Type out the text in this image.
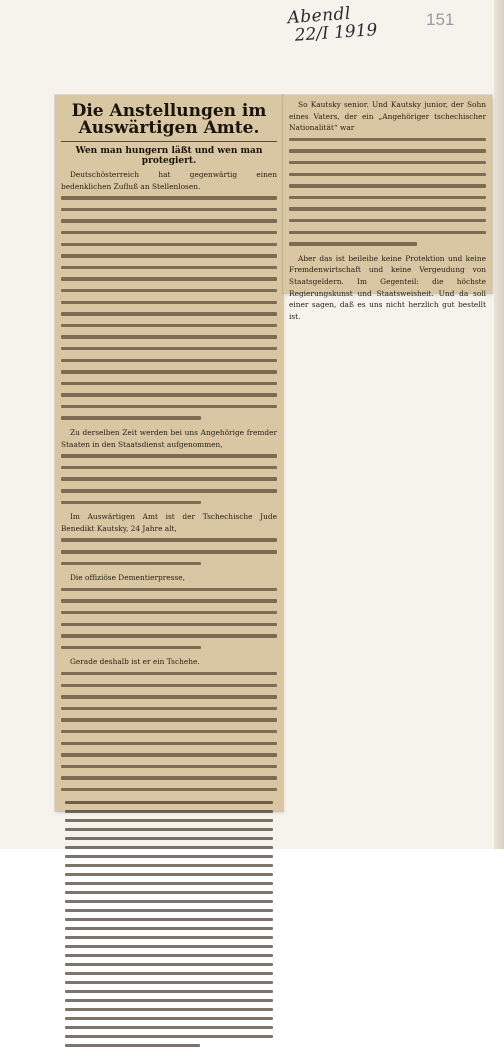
Abendl
22/I 1919
151
Die Anstellungen im Auswärtigen Amte.
Wen man hungern läßt und wen man protegiert.
Deutschösterreich hat gegenwärtig einen bedenklichen Zufluß an Stellenlosen.
Zu derselben Zeit werden bei uns Angehörige fremder Staaten in den Staatsdienst aufgenommen,
Im Auswärtigen Amt ist der Tschechische Jude Benedikt Kautsky, 24 Jahre alt,
Die offiziöse Dementierpresse,
Gerade deshalb ist er ein Tschehe.
So Kautsky senior. Und Kautsky junior, der Sohn eines Vaters, der ein „Angehöriger tschechischer Nationalität“ war
Aber das ist beileibe keine Protektion und keine Fremdenwirtschaft und keine Vergeudung von Staatsgeldern. Im Gegenteil: die höchste Regierungskunst und Staatsweisheit. Und da soll einer sagen, daß es uns nicht herzlich gut bestellt ist.
